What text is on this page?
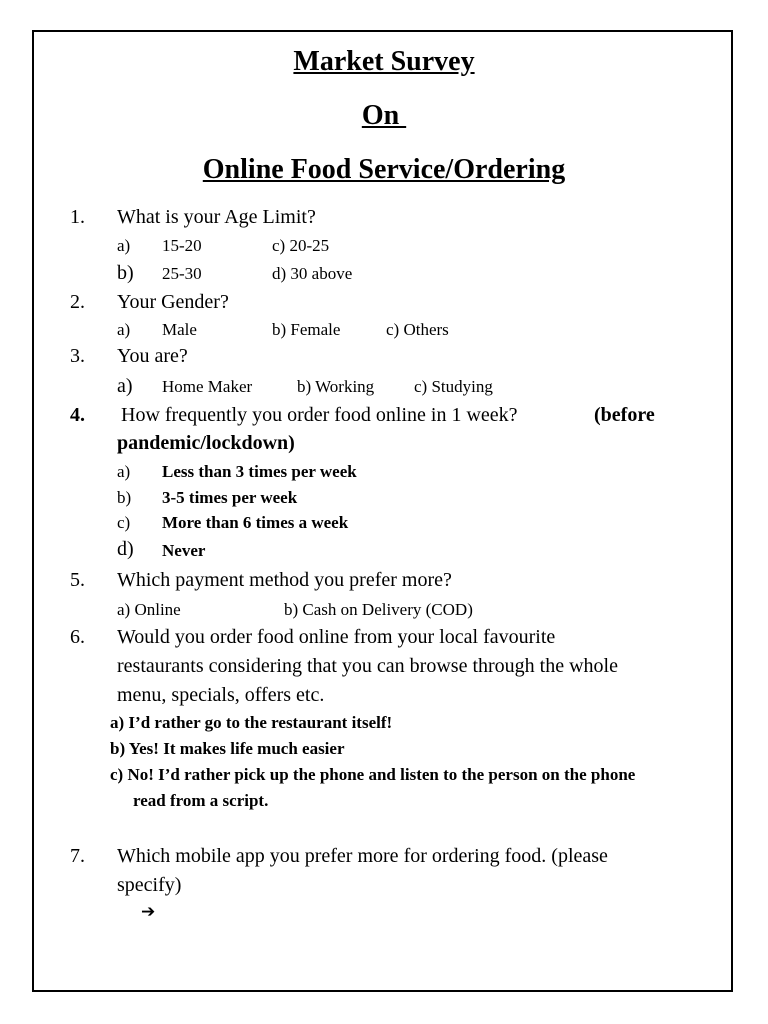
Market Survey
On
Online Food Service/Ordering
1. What is your Age Limit?
a) 15-20	c) 20-25
b) 25-30	d) 30 above
2. Your Gender?
a) Male	b) Female	c) Others
3. You are?
a) Home Maker	b) Working c) Studying
4. How frequently you order food online in 1 week?	(before
pandemic/lockdown)
a) Less than 3 times per week
b) 3-5 times per week
c) More than 6 times a week
d) Never
5. Which payment method you prefer more?
a) Online	b) Cash on Delivery (COD)
6. Would you order food online from your local favourite
restaurants considering that you can browse through the whole
menu, specials, offers etc.
a) I’d rather go to the restaurant itself!
b) Yes! It makes life much easier
c) No! I’d rather pick up the phone and listen to the person on the phone
read from a script.
7. Which mobile app you prefer more for ordering food. (please
specify)
➔
